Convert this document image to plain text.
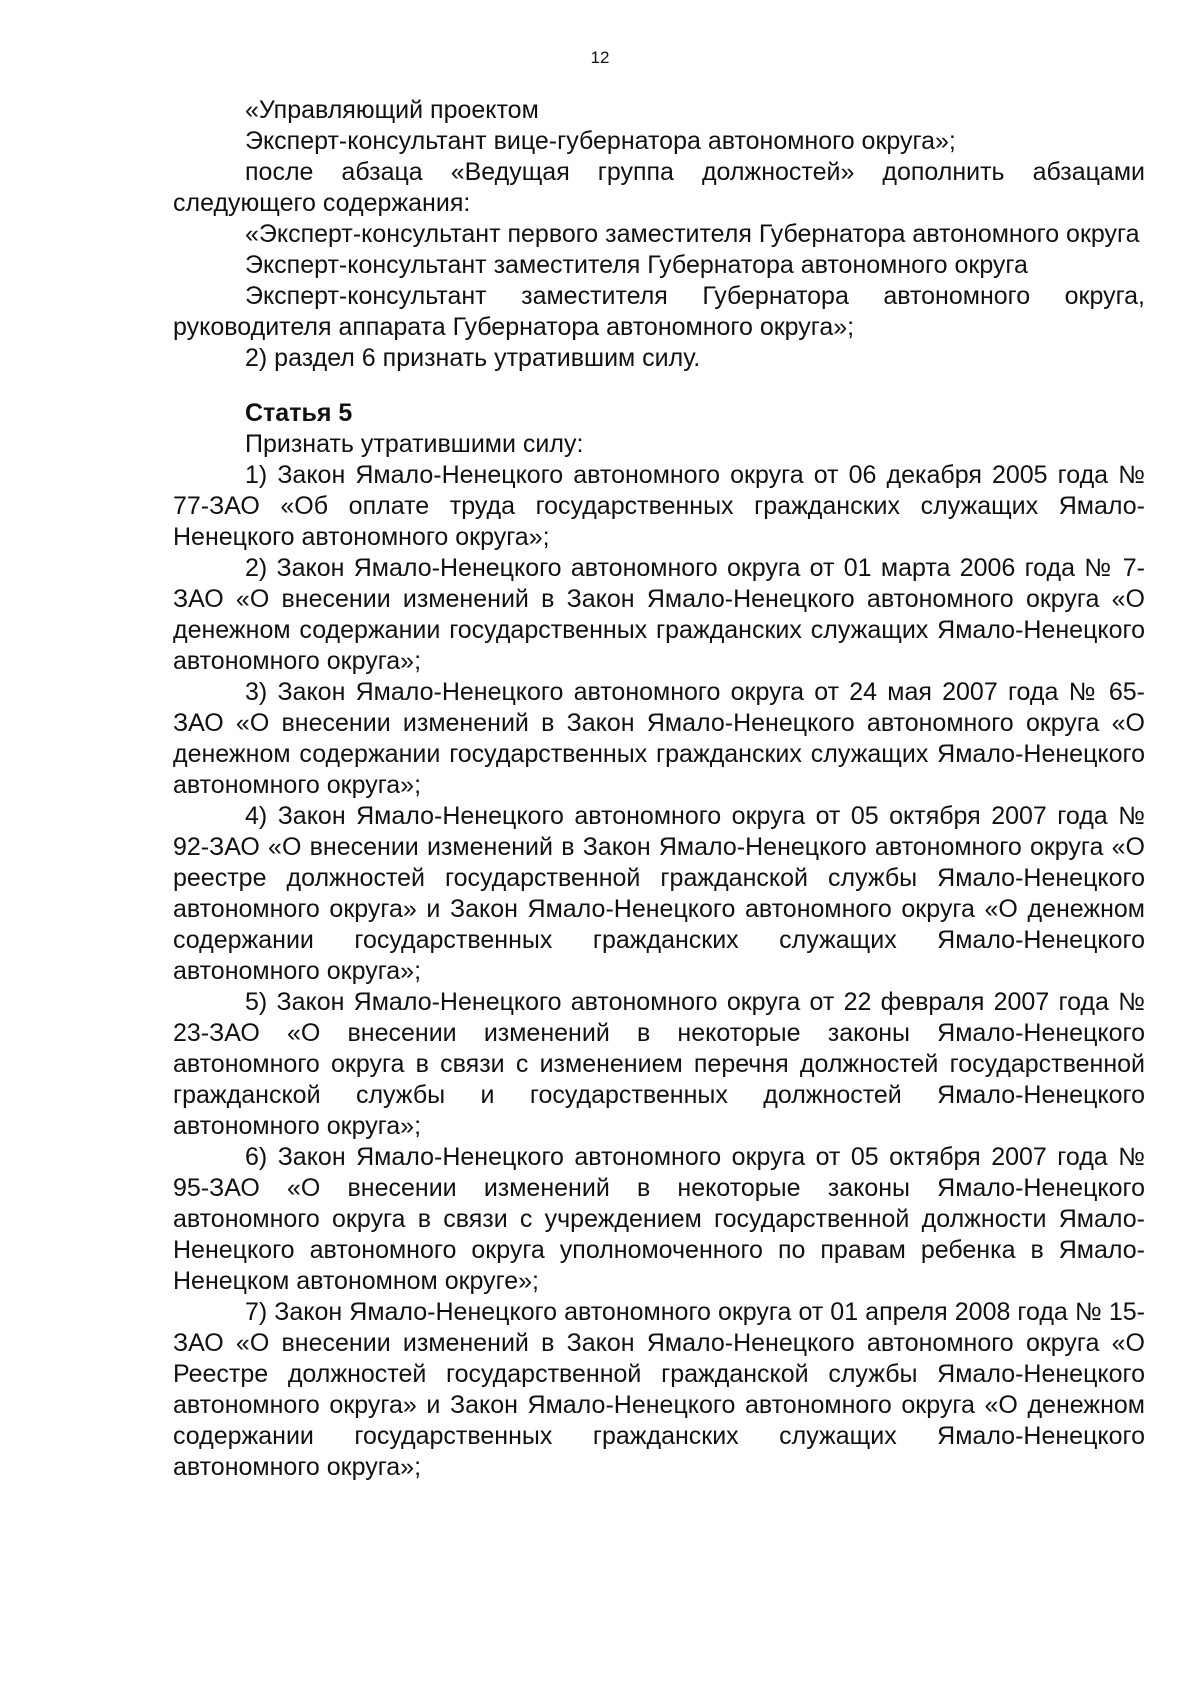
12

«Управляющий проектом

Эксперт-консультант вице-губернатора автономного округа»;

после абзаца «Ведущая группа должностей» дополнить абзацами следующего содержания:

«Эксперт-консультант первого заместителя Губернатора автономного округа

Эксперт-консультант заместителя Губернатора автономного округа

Эксперт-консультант заместителя Губернатора автономного округа, руководителя аппарата Губернатора автономного округа»;

2) раздел 6 признать утратившим силу.

Статья 5

Признать утратившими силу:

1) Закон Ямало-Ненецкого автономного округа от 06 декабря 2005 года № 77-ЗАО «Об оплате труда государственных гражданских служащих Ямало-Ненецкого автономного округа»;

2) Закон Ямало-Ненецкого автономного округа от 01 марта 2006 года № 7-ЗАО «О внесении изменений в Закон Ямало-Ненецкого автономного округа «О денежном содержании государственных гражданских служащих Ямало-Ненецкого автономного округа»;

3) Закон Ямало-Ненецкого автономного округа от 24 мая 2007 года № 65-ЗАО «О внесении изменений в Закон Ямало-Ненецкого автономного округа «О денежном содержании государственных гражданских служащих Ямало-Ненецкого автономного округа»;

4) Закон Ямало-Ненецкого автономного округа от 05 октября 2007 года № 92-ЗАО «О внесении изменений в Закон Ямало-Ненецкого автономного округа «О реестре должностей государственной гражданской службы Ямало-Ненецкого автономного округа» и Закон Ямало-Ненецкого автономного округа «О денежном содержании государственных гражданских служащих Ямало-Ненецкого автономного округа»;

5) Закон Ямало-Ненецкого автономного округа от 22 февраля 2007 года № 23-ЗАО «О внесении изменений в некоторые законы Ямало-Ненецкого автономного округа в связи с изменением перечня должностей государственной гражданской службы и государственных должностей Ямало-Ненецкого автономного округа»;

6) Закон Ямало-Ненецкого автономного округа от 05 октября 2007 года № 95-ЗАО «О внесении изменений в некоторые законы Ямало-Ненецкого автономного округа в связи с учреждением государственной должности Ямало-Ненецкого автономного округа уполномоченного по правам ребенка в Ямало-Ненецком автономном округе»;

7) Закон Ямало-Ненецкого автономного округа от 01 апреля 2008 года № 15-ЗАО «О внесении изменений в Закон Ямало-Ненецкого автономного округа «О Реестре должностей государственной гражданской службы Ямало-Ненецкого автономного округа» и Закон Ямало-Ненецкого автономного округа «О денежном содержании государственных гражданских служащих Ямало-Ненецкого автономного округа»;
